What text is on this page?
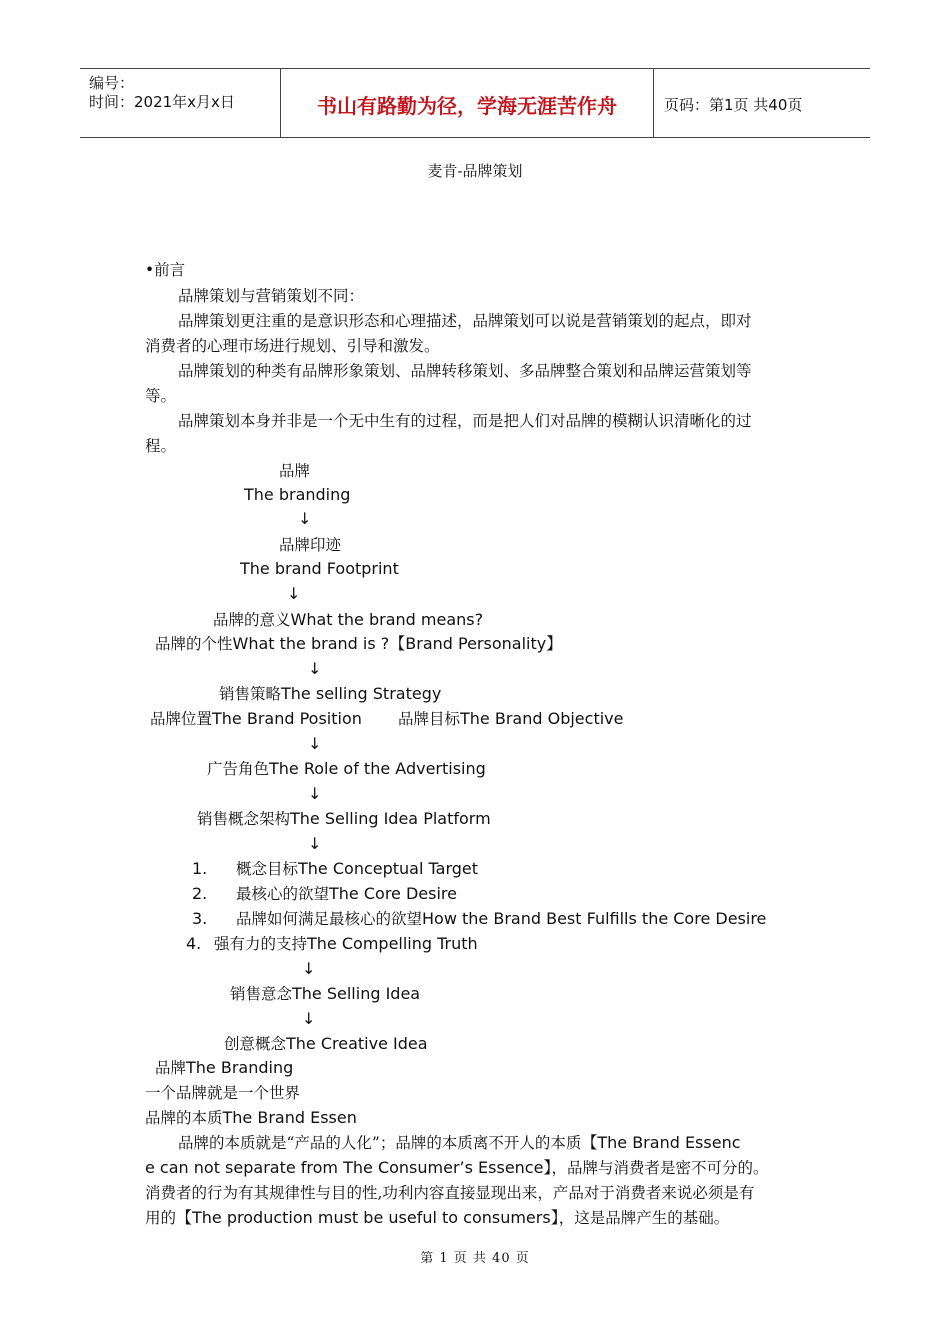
编号：
时间：2021年x月x日	书山有路勤为径，学海无涯苦作舟	页码：第1页 共40页
麦肯-品牌策划
•前言
品牌策划与营销策划不同：
品牌策划更注重的是意识形态和心理描述，品牌策划可以说是营销策划的起点，即对
消费者的心理市场进行规划、引导和激发。
品牌策划的种类有品牌形象策划、品牌转移策划、多品牌整合策划和品牌运营策划等
等。
品牌策划本身并非是一个无中生有的过程，而是把人们对品牌的模糊认识清晰化的过
程。
品牌
The branding
↓
品牌印迹
The brand Footprint
↓
品牌的意义What the brand means?
品牌的个性What the brand is ?【Brand Personality】
↓
销售策略The selling Strategy
品牌位置The Brand Position 品牌目标The Brand Objective
↓
广告角色The Role of the Advertising
↓
销售概念架构The Selling Idea Platform
↓
1. 概念目标The Conceptual Target
2. 最核心的欲望The Core Desire
3. 品牌如何满足最核心的欲望How the Brand Best Fulfills the Core Desire
4. 强有力的支持The Compelling Truth
↓
销售意念The Selling Idea
↓
创意概念The Creative Idea
品牌The Branding
一个品牌就是一个世界
品牌的本质The Brand Essen
品牌的本质就是“产品的人化”；品牌的本质离不开人的本质【The Brand Essenc
e can not separate from The Consumer’s Essence】，品牌与消费者是密不可分的。
消费者的行为有其规律性与目的性,功利内容直接显现出来，产品对于消费者来说必须是有
用的【The production must be useful to consumers】，这是品牌产生的基础。
第 1 页 共 40 页
